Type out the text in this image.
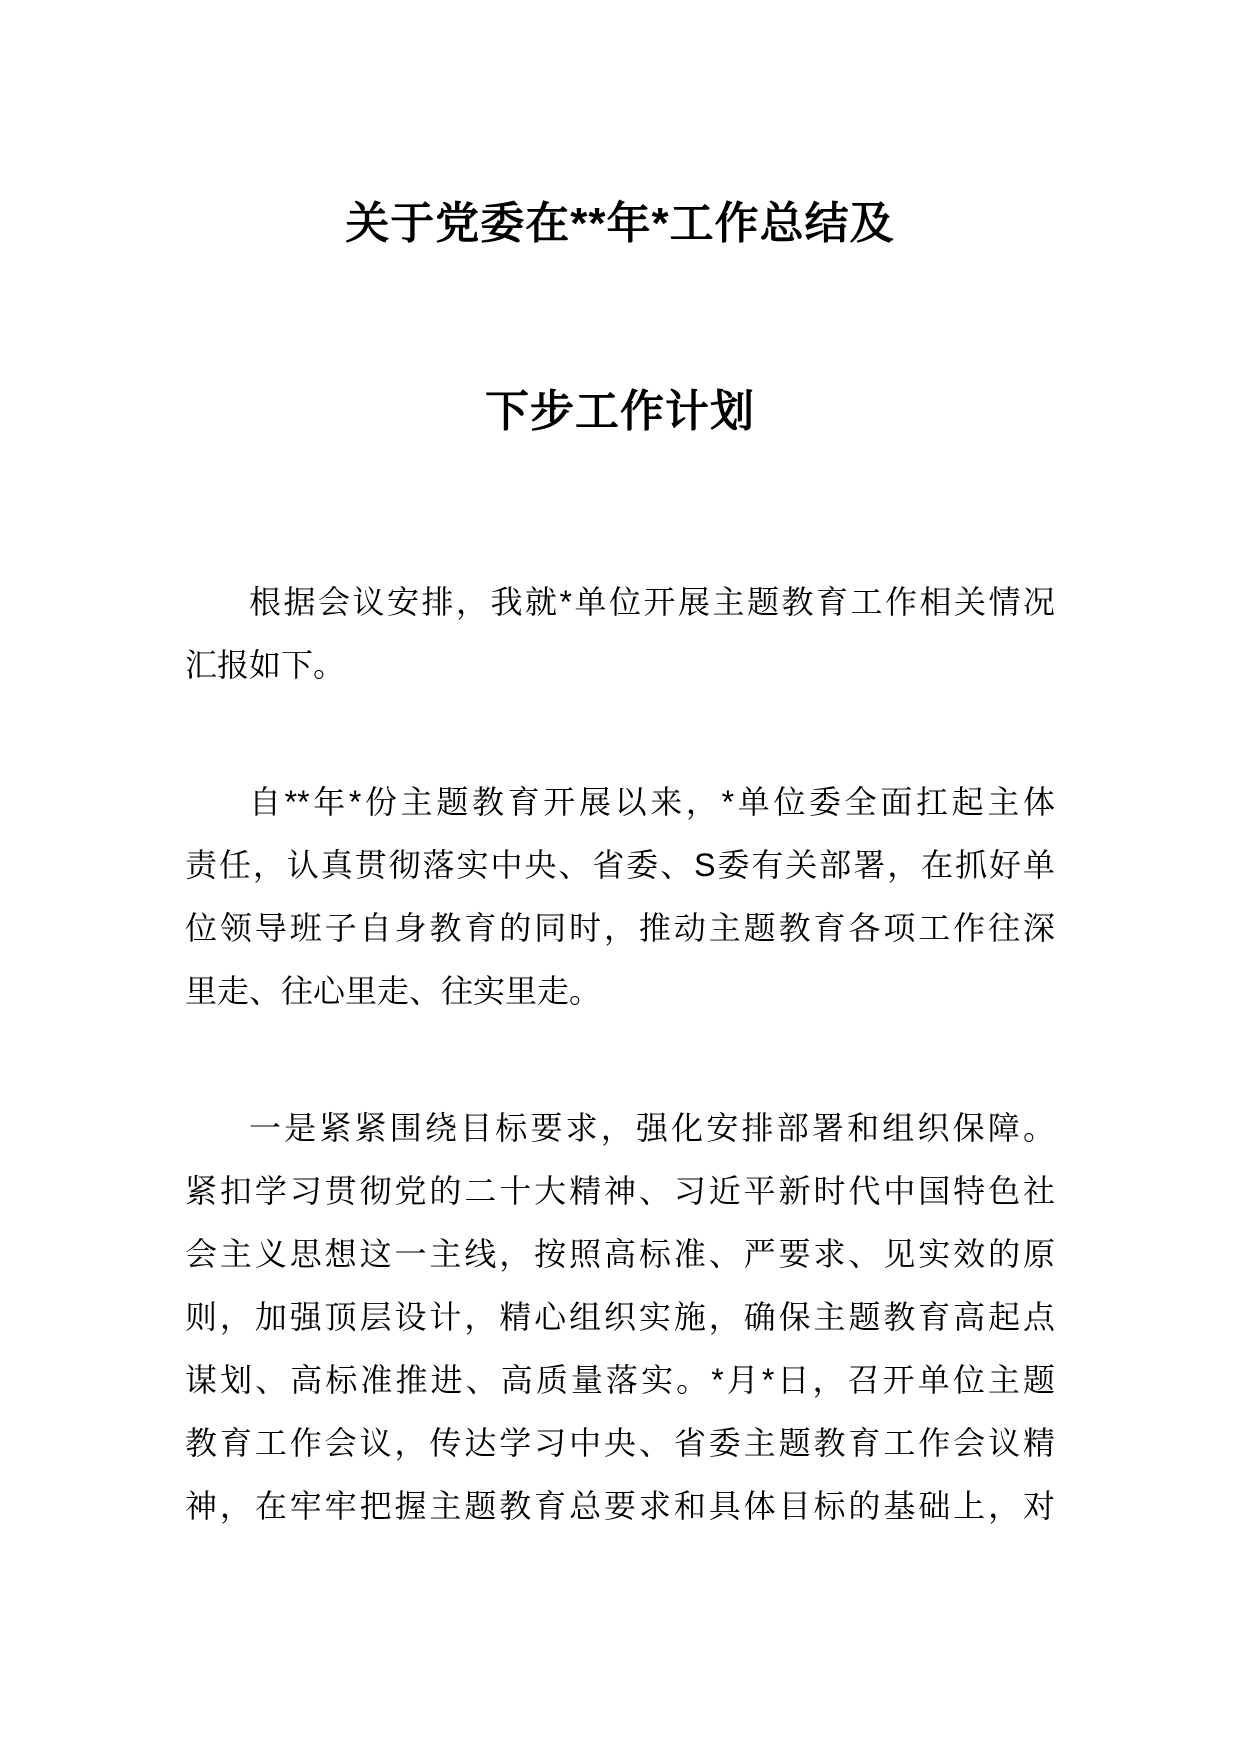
关于党委在**年*工作总结及
下步工作计划

根据会议安排，我就*单位开展主题教育工作相关情况
汇报如下。

自**年*份主题教育开展以来，*单位委全面扛起主体
责任，认真贯彻落实中央、省委、S委有关部署，在抓好单
位领导班子自身教育的同时，推动主题教育各项工作往深
里走、往心里走、往实里走。

一是紧紧围绕目标要求，强化安排部署和组织保障。
紧扣学习贯彻党的二十大精神、习近平新时代中国特色社
会主义思想这一主线，按照高标准、严要求、见实效的原
则，加强顶层设计，精心组织实施，确保主题教育高起点
谋划、高标准推进、高质量落实。*月*日，召开单位主题
教育工作会议，传达学习中央、省委主题教育工作会议精
神，在牢牢把握主题教育总要求和具体目标的基础上，对
